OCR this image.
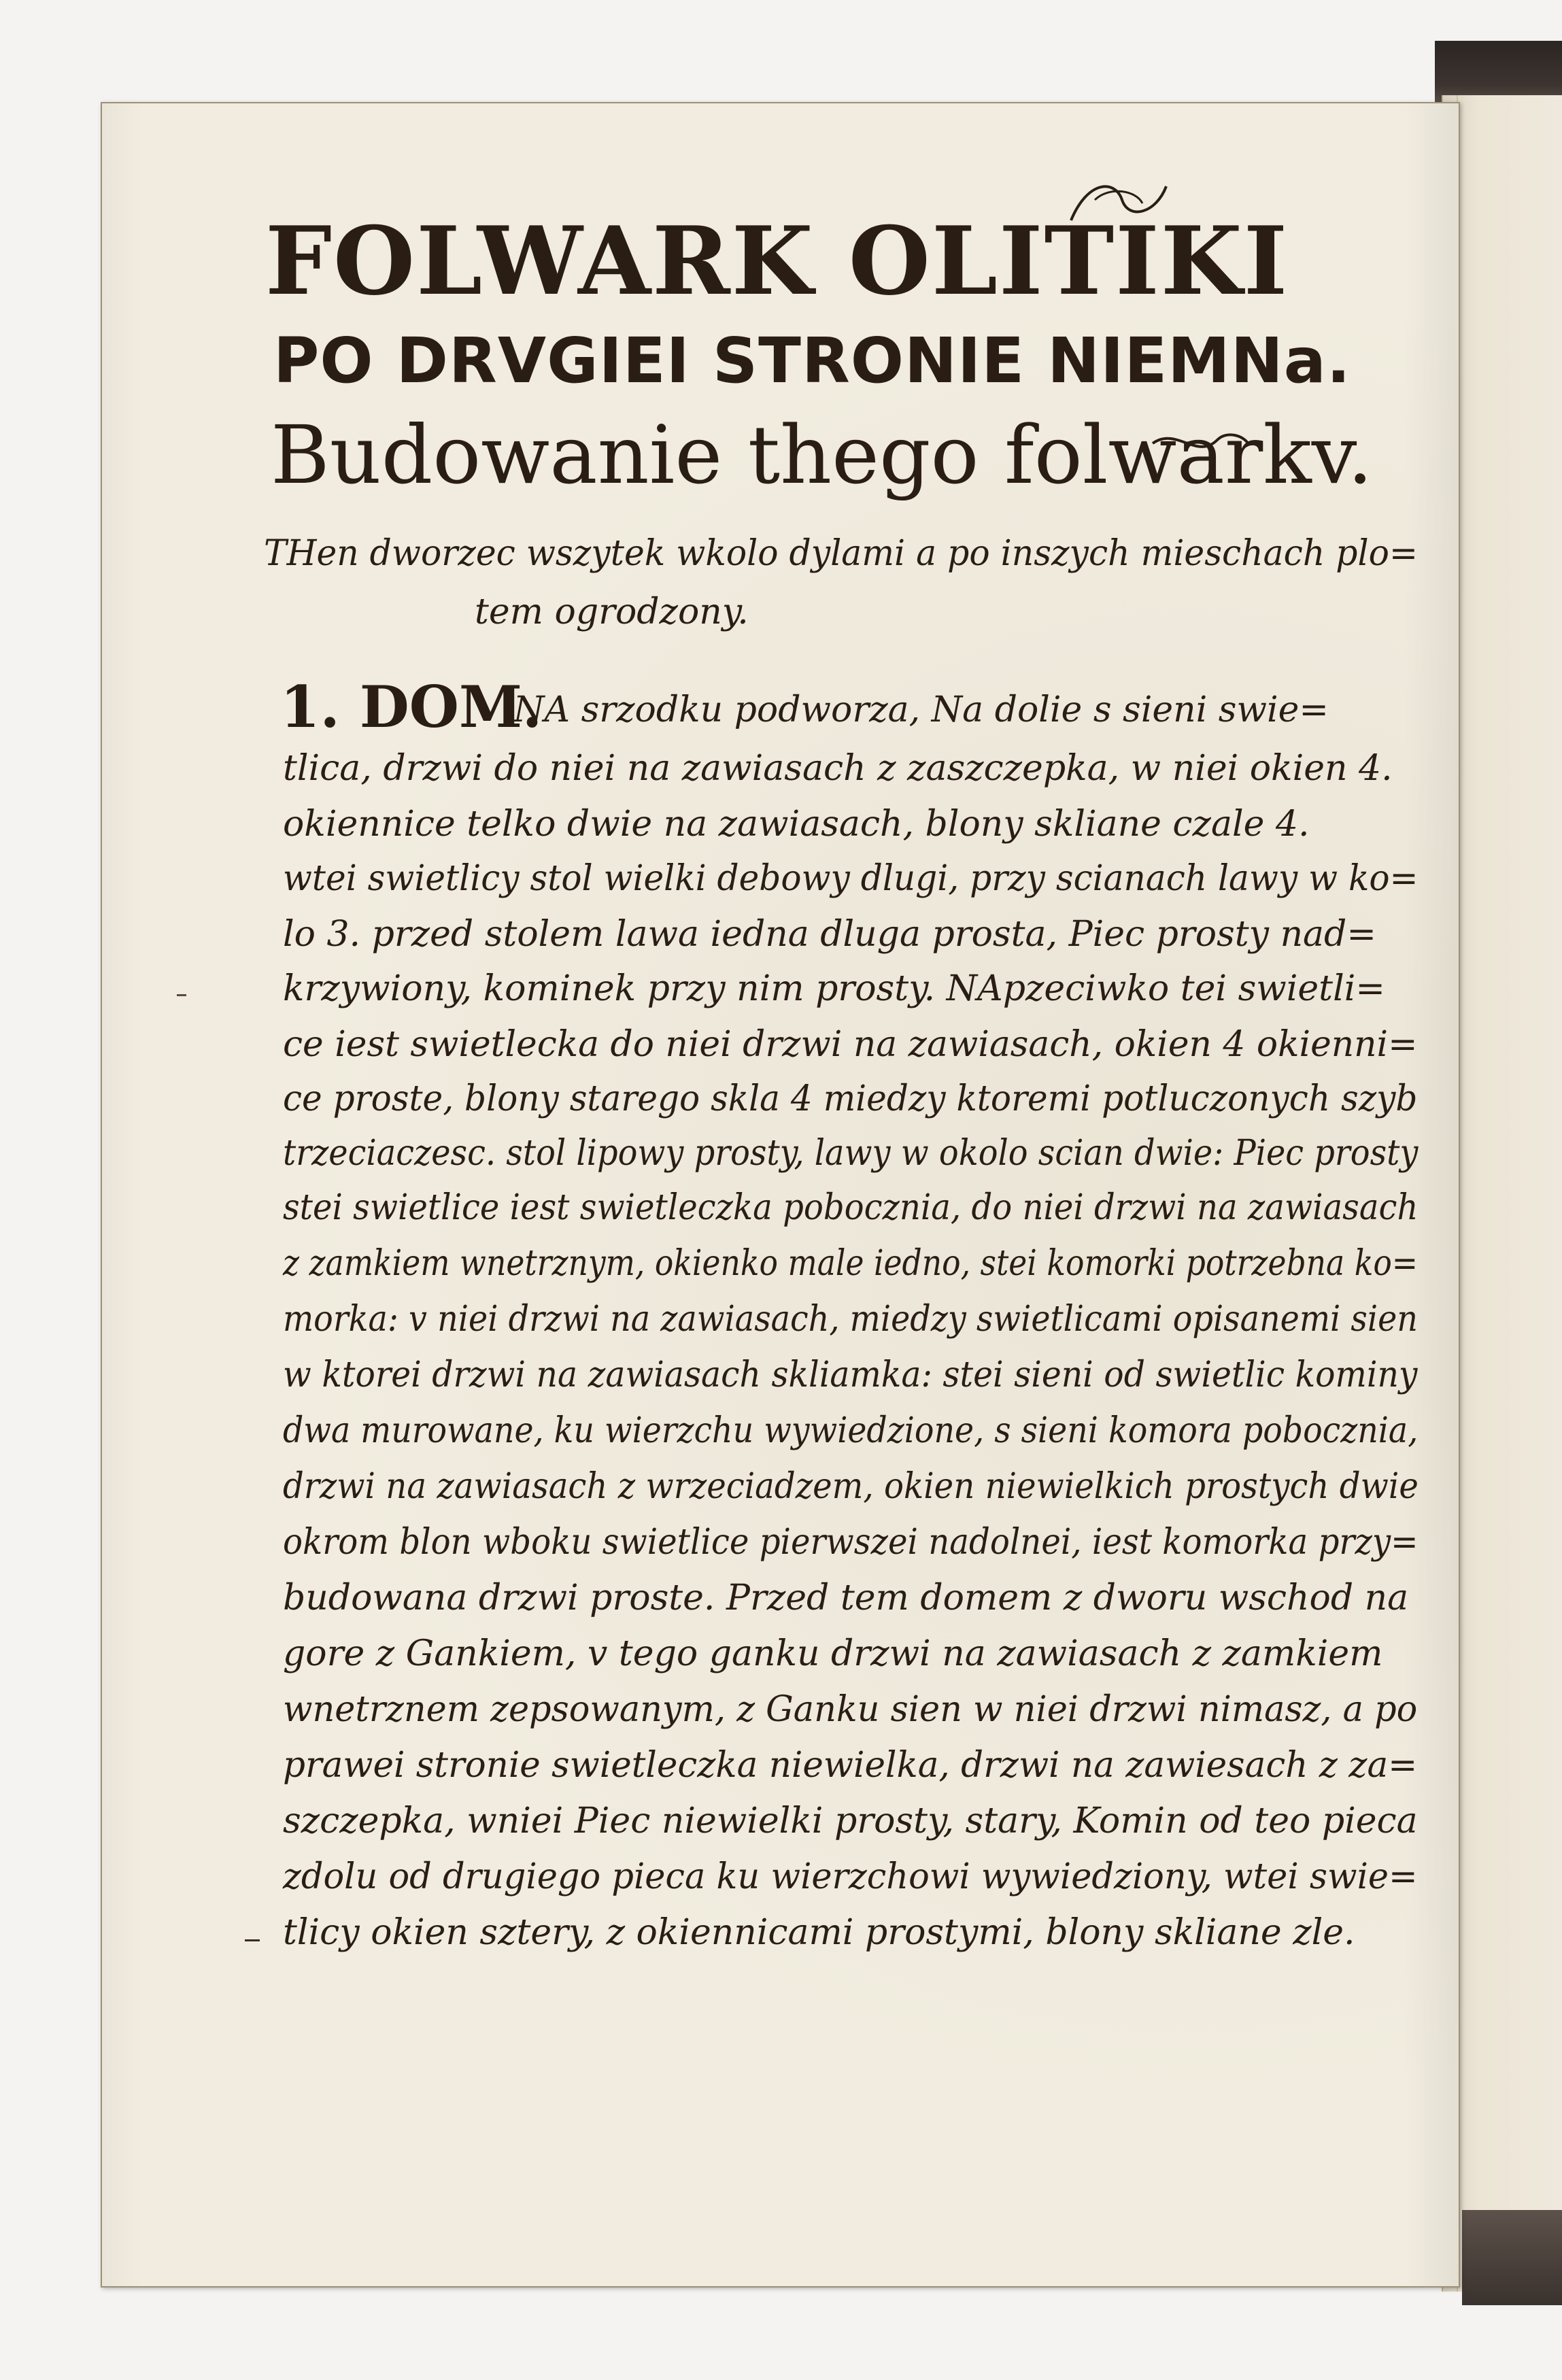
FOLWARK OLITIKI

PO DRVGIEI STRONIE NIEMNa.

Budowanie thego folwarkv.

THen dworzec wszytek wkolo dylami a po inszych mieschach plo=

tem ogrodzony.

1. DOM.

NA srzodku podworza, Na dolie s sieni swie=

tlica, drzwi do niei na zawiasach z zaszczepka, w niei okien 4.

okiennice telko dwie na zawiasach, blony skliane czale 4.

wtei swietlicy stol wielki debowy dlugi, przy scianach lawy w ko=

lo 3. przed stolem lawa iedna dluga prosta, Piec prosty nad=

krzywiony, kominek przy nim prosty. NApzeciwko tei swietli=

ce iest swietlecka do niei drzwi na zawiasach, okien 4 okienni=

ce proste, blony starego skla 4 miedzy ktoremi potluczonych szyb

trzeciaczesc. stol lipowy prosty, lawy w okolo scian dwie: Piec prosty

stei swietlice iest swietleczka pobocznia, do niei drzwi na zawiasach

z zamkiem wnetrznym, okienko male iedno, stei komorki potrzebna ko=

morka: v niei drzwi na zawiasach, miedzy swietlicami opisanemi sien

w ktorei drzwi na zawiasach skliamka: stei sieni od swietlic kominy

dwa murowane, ku wierzchu wywiedzione, s sieni komora pobocznia,

drzwi na zawiasach z wrzeciadzem, okien niewielkich prostych dwie

okrom blon wboku swietlice pierwszei nadolnei, iest komorka przy=

budowana drzwi proste. Przed tem domem z dworu wschod na

gore z Gankiem, v tego ganku drzwi na zawiasach z zamkiem

wnetrznem zepsowanym, z Ganku sien w niei drzwi nimasz, a po

prawei stronie swietleczka niewielka, drzwi na zawiesach z za=

szczepka, wniei Piec niewielki prosty, stary, Komin od teo pieca

zdolu od drugiego pieca ku wierzchowi wywiedziony, wtei swie=

tlicy okien sztery, z okiennicami prostymi, blony skliane zle.
